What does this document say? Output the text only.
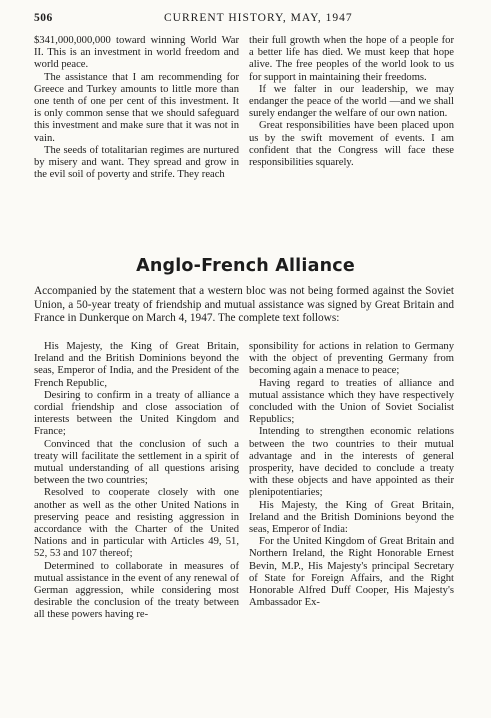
506	CURRENT HISTORY, MAY, 1947

$341,000,000,000 toward winning World War II. This is an investment in world freedom and world peace.

The assistance that I am recommending for Greece and Turkey amounts to little more than one tenth of one per cent of this investment. It is only common sense that we should safeguard this investment and make sure that it was not in vain.

The seeds of totalitarian regimes are nurtured by misery and want. They spread and grow in the evil soil of poverty and strife. They reach

their full growth when the hope of a people for a better life has died. We must keep that hope alive. The free peoples of the world look to us for support in maintaining their freedoms.

If we falter in our leadership, we may endanger the peace of the world —and we shall surely endanger the welfare of our own nation.

Great responsibilities have been placed upon us by the swift movement of events. I am confident that the Congress will face these responsibilities squarely.

Anglo-French Alliance
Accompanied by the statement that a western bloc was not being formed against the Soviet Union, a 50-year treaty of friendship and mutual assistance was signed by Great Britain and France in Dunkerque on March 4, 1947. The complete text follows:

His Majesty, the King of Great Britain, Ireland and the British Dominions beyond the seas, Emperor of India, and the President of the French Republic,

Desiring to confirm in a treaty of alliance a cordial friendship and close association of interests between the United Kingdom and France;

Convinced that the conclusion of such a treaty will facilitate the settlement in a spirit of mutual understanding of all questions arising between the two countries;

Resolved to cooperate closely with one another as well as the other United Nations in preserving peace and resisting aggression in accordance with the Charter of the United Nations and in particular with Articles 49, 51, 52, 53 and 107 thereof;

Determined to collaborate in measures of mutual assistance in the event of any renewal of German aggression, while considering most desirable the conclusion of the treaty between all these powers having re-

sponsibility for actions in relation to Germany with the object of preventing Germany from becoming again a menace to peace;

Having regard to treaties of alliance and mutual assistance which they have respectively concluded with the Union of Soviet Socialist Republics;

Intending to strengthen economic relations between the two countries to their mutual advantage and in the interests of general prosperity, have decided to conclude a treaty with these objects and have appointed as their plenipotentiaries;

His Majesty, the King of Great Britain, Ireland and the British Dominions beyond the seas, Emperor of India:

For the United Kingdom of Great Britain and Northern Ireland, the Right Honorable Ernest Bevin, M.P., His Majesty's principal Secretary of State for Foreign Affairs, and the Right Honorable Alfred Duff Cooper, His Majesty's Ambassador Ex-
